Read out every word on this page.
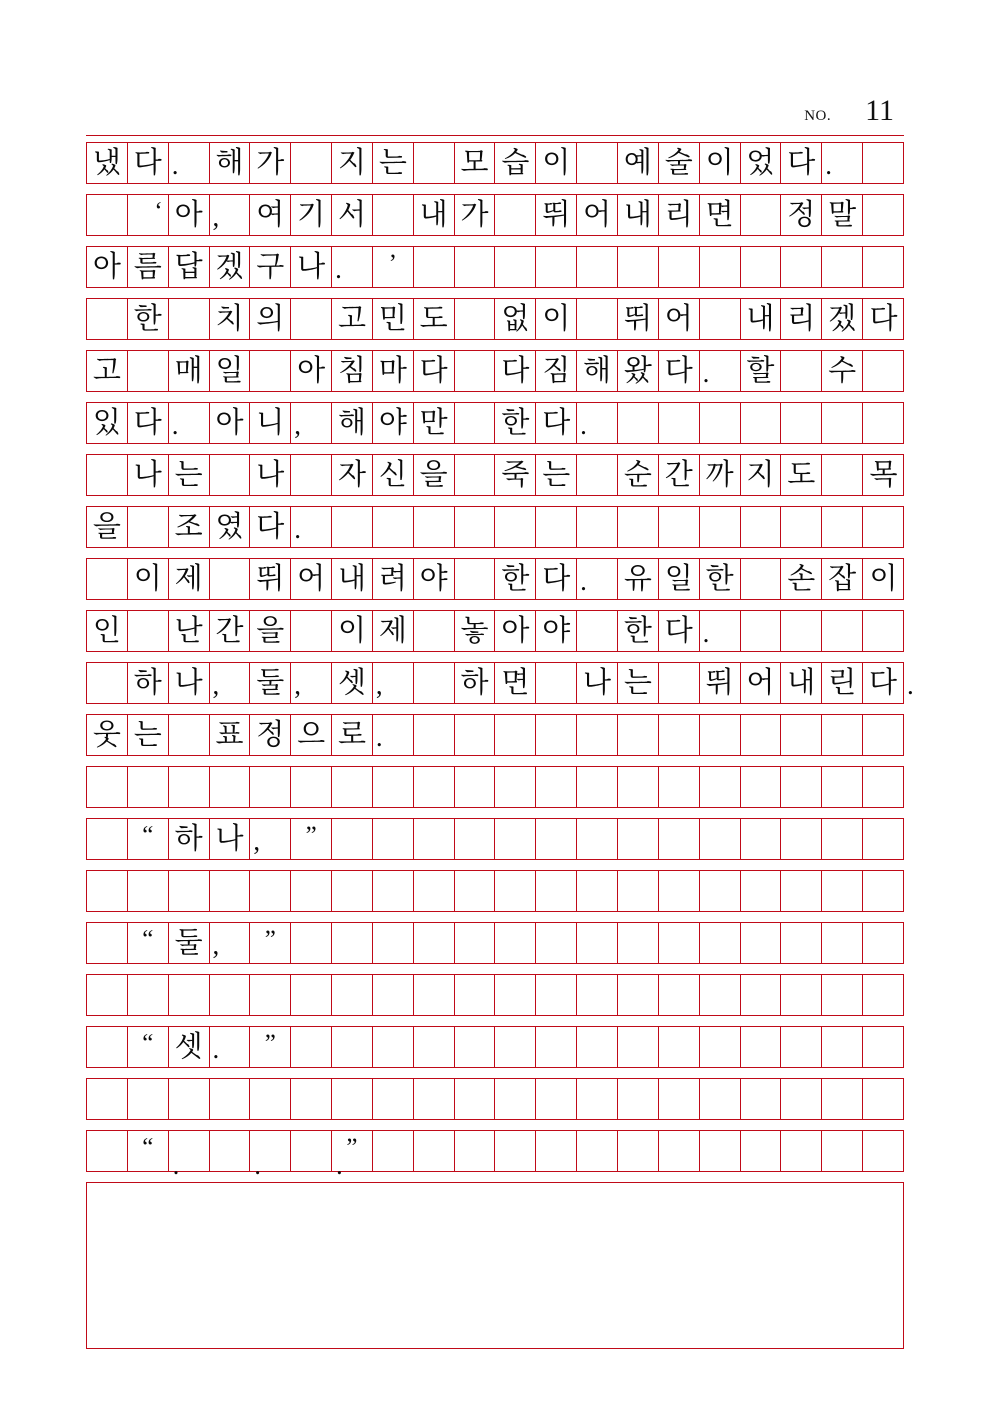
NO. 11
냈 다 .	해 가 지 는 모 습 이 예 술 이 었 다 .
‘ 아 ,	여 기 서 내 가 뛰 어 내 리 면 정 말
아 름 답 겠 구 나 .	’
한 치 의 고 민 도 없 이 뛰 어 내 리 겠 다
고 매 일 아 침 마 다 다 짐 해 왔 다 .	할 수
있 다 .	아 니 ,	해 야 만 한 다 .
나 는 나 자 신 을 죽 는 순 간 까 지 도 목
을 조 였 다 .
이 제 뛰 어 내 려 야 한 다 .	유 일 한 손 잡 이
인 난 간 을 이 제 놓 아 야 한 다 .
하 나 ,	둘 ,	셋 ,	하 면 나 는 뛰 어 내 린 다 .
웃 는 표 정 으 로 .
“ 하 나 ,	”
“ 둘 ,	”
“ 셋 .	”
“
.	.	.
”
